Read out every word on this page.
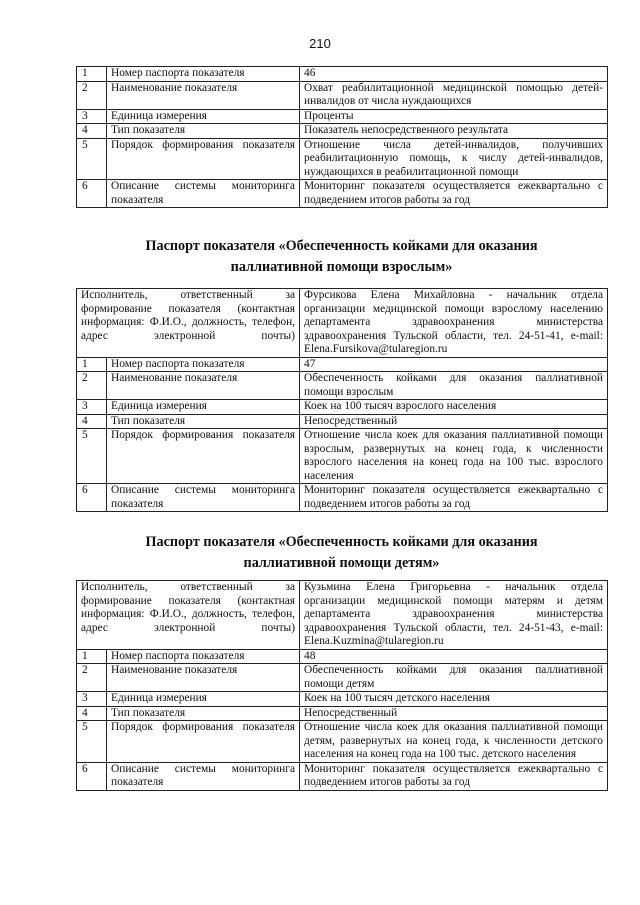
210
1	Номер паспорта показателя	46
2	Наименование показателя	Охват реабилитационной медицинской помощью детей-инвалидов от числа нуждающихся
3	Единица измерения	Проценты
4	Тип показателя	Показатель непосредственного результата
5	Порядок формирования показателя	Отношение числа детей-инвалидов, получивших реабилитационную помощь, к числу детей-инвалидов, нуждающихся в реабилитационной помощи
6	Описание системы мониторинга показателя	Мониторинг показателя осуществляется ежеквартально с подведением итогов работы за год
Паспорт показателя «Обеспеченность койками для оказания
паллиативной помощи взрослым»
Исполнитель, ответственный за формирование показателя (контактная информация: Ф.И.О., должность, телефон, адрес электронной почты)		Фурсикова Елена Михайловна - начальник отдела организации медицинской помощи взрослому населению департамента здравоохранения министерства здравоохранения Тульской области, тел. 24-51-41, e-mail: Elena.Fursikova@tularegion.ru
1	Номер паспорта показателя	47
2	Наименование показателя	Обеспеченность койками для оказания паллиативной помощи взрослым
3	Единица измерения	Коек на 100 тысяч взрослого населения
4	Тип показателя	Непосредственный
5	Порядок формирования показателя	Отношение числа коек для оказания паллиативной помощи взрослым, развернутых на конец года, к численности взрослого населения на конец года на 100 тыс. взрослого населения
6	Описание системы мониторинга показателя	Мониторинг показателя осуществляется ежеквартально с подведением итогов работы за год
Паспорт показателя «Обеспеченность койками для оказания
паллиативной помощи детям»
Исполнитель, ответственный за формирование показателя (контактная информация: Ф.И.О., должность, телефон, адрес электронной почты)		Кузьмина Елена Григорьевна - начальник отдела организации медицинской помощи матерям и детям департамента здравоохранения министерства здравоохранения Тульской области, тел. 24-51-43, e-mail: Elena.Kuzmina@tularegion.ru
1	Номер паспорта показателя	48
2	Наименование показателя	Обеспеченность койками для оказания паллиативной помощи детям
3	Единица измерения	Коек на 100 тысяч детского населения
4	Тип показателя	Непосредственный
5	Порядок формирования показателя	Отношение числа коек для оказания паллиативной помощи детям, развернутых на конец года, к численности детского населения на конец года на 100 тыс. детского населения
6	Описание системы мониторинга показателя	Мониторинг показателя осуществляется ежеквартально с подведением итогов работы за год
